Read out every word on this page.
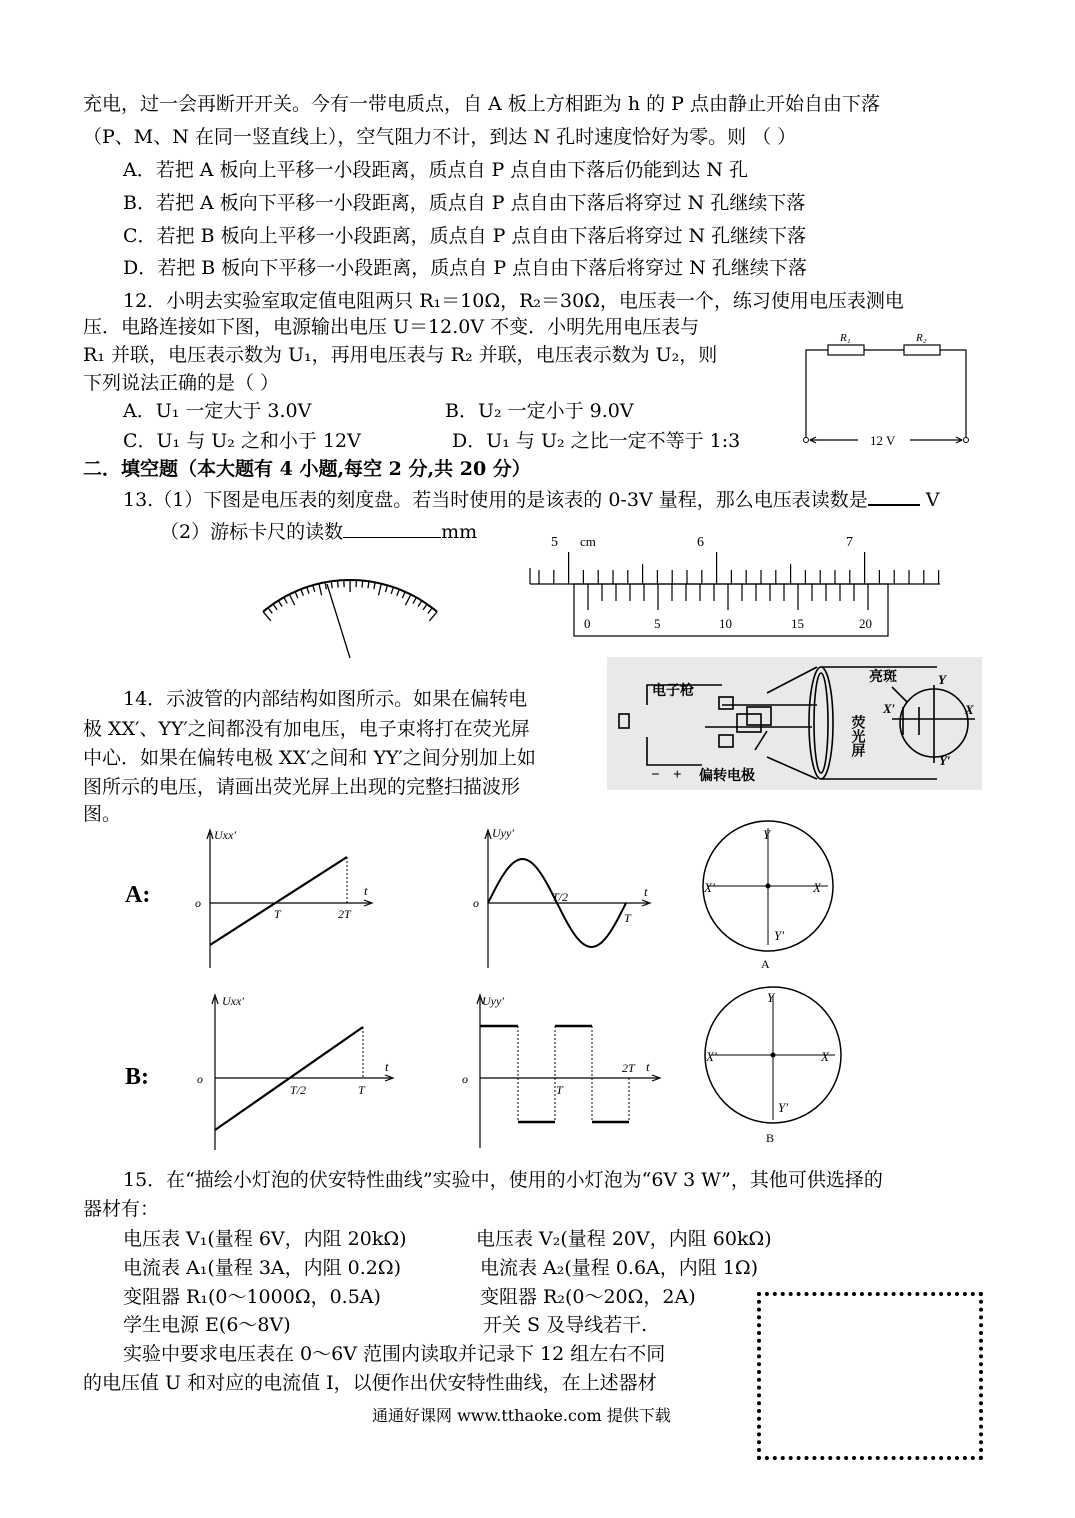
充电，过一会再断开开关。今有一带电质点，自 A 板上方相距为 h 的 P 点由静止开始自由下落
（P、M、N 在同一竖直线上），空气阻力不计，到达 N 孔时速度恰好为零。则 （ ）
A．若把 A 板向上平移一小段距离，质点自 P 点自由下落后仍能到达 N 孔
B．若把 A 板向下平移一小段距离，质点自 P 点自由下落后将穿过 N 孔继续下落
C．若把 B 板向上平移一小段距离，质点自 P 点自由下落后将穿过 N 孔继续下落
D．若把 B 板向下平移一小段距离，质点自 P 点自由下落后将穿过 N 孔继续下落
12．小明去实验室取定值电阻两只 R₁＝10Ω，R₂＝30Ω，电压表一个，练习使用电压表测电
压．电路连接如下图，电源输出电压 U＝12.0V 不变．小明先用电压表与
R₁ 并联，电压表示数为 U₁，再用电压表与 R₂ 并联，电压表示数为 U₂，则
下列说法正确的是（ ）
A．U₁ 一定大于 3.0V	B．U₂ 一定小于 9.0V
C．U₁ 与 U₂ 之和小于 12V	D．U₁ 与 U₂ 之比一定不等于 1:3
二．填空题（本大题有 4 小题,每空 2 分,共 20 分）
13.（1）下图是电压表的刻度盘。若当时使用的是该表的 0-3V 量程，那么电压表读数是	V
（2）游标卡尺的读数	mm
14．示波管的内部结构如图所示。如果在偏转电
极 XX′、YY′之间都没有加电压，电子束将打在荧光屏
中心．如果在偏转电极 XX′之间和 YY′之间分别加上如
图所示的电压，请画出荧光屏上出现的完整扫描波形
图。
15．在“描绘小灯泡的伏安特性曲线”实验中，使用的小灯泡为“6V 3 W”，其他可供选择的
器材有：
电压表 V₁(量程 6V，内阻 20kΩ)	电压表 V₂(量程 20V，内阻 60kΩ)
电流表 A₁(量程 3A，内阻 0.2Ω)	电流表 A₂(量程 0.6A，内阻 1Ω)
变阻器 R₁(0～1000Ω，0.5A)	变阻器 R₂(0～20Ω，2A)
学生电源 E(6～8V)	开关 S 及导线若干.
实验中要求电压表在 0～6V 范围内读取并记录下 12 组左右不同
的电压值 U 和对应的电流值 I，以便作出伏安特性曲线，在上述器材
通通好课网 www.tthaoke.com 提供下载
R₁	R₂
12 V
5 cm	6	7
0	5	10	15	20
电子枪
亮斑
荧光屏
偏转电极
Y
X
X′
Y′
− +
A:
Uxx′
o
t
T	2T
Uyy′
o
t
T/2
T
Y
X
X′
Y′
A
B:
Uxx′
o
t
T/2	T
Uyy′
o
t
T
2T
Y
X
X′
Y′
B
